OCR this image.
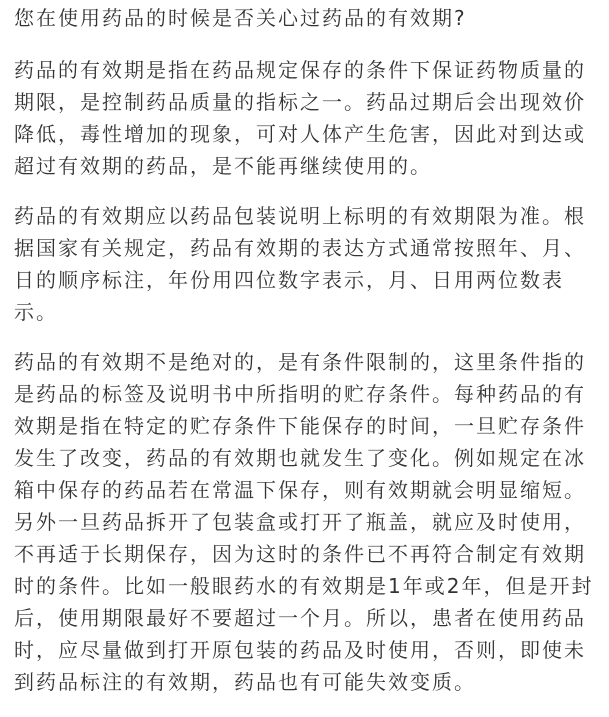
您在使用药品的时候是否关心过药品的有效期?
药品的有效期是指在药品规定保存的条件下保证药物质量的
期限，是控制药品质量的指标之一。药品过期后会出现效价
降低，毒性增加的现象，可对人体产生危害，因此对到达或
超过有效期的药品，是不能再继续使用的。
药品的有效期应以药品包装说明上标明的有效期限为准。根
据国家有关规定，药品有效期的表达方式通常按照年、月、
日的顺序标注，年份用四位数字表示，月、日用两位数表
示。
药品的有效期不是绝对的，是有条件限制的，这里条件指的
是药品的标签及说明书中所指明的贮存条件。每种药品的有
效期是指在特定的贮存条件下能保存的时间，一旦贮存条件
发生了改变，药品的有效期也就发生了变化。例如规定在冰
箱中保存的药品若在常温下保存，则有效期就会明显缩短。
另外一旦药品拆开了包装盒或打开了瓶盖，就应及时使用，
不再适于长期保存，因为这时的条件已不再符合制定有效期
时的条件。比如一般眼药水的有效期是1年或2年，但是开封
后，使用期限最好不要超过一个月。所以，患者在使用药品
时，应尽量做到打开原包装的药品及时使用，否则，即使未
到药品标注的有效期，药品也有可能失效变质。
